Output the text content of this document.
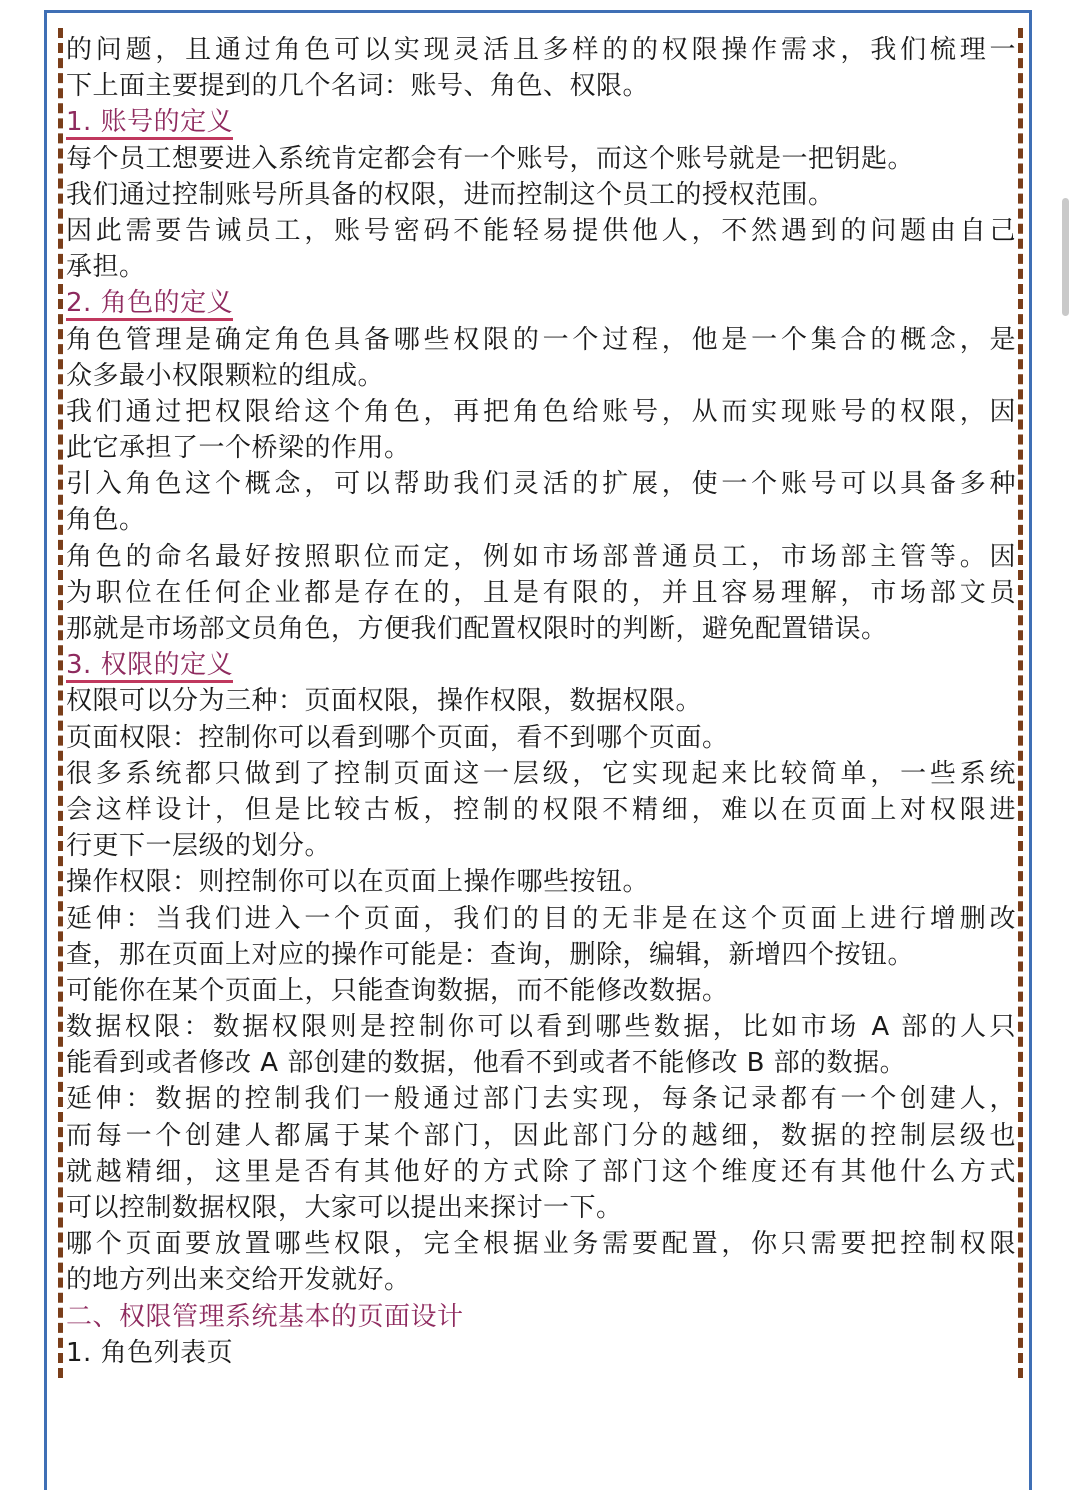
的问题，且通过角色可以实现灵活且多样的的权限操作需求，我们梳理一
下上面主要提到的几个名词：账号、角色、权限。
1. 账号的定义
每个员工想要进入系统肯定都会有一个账号，而这个账号就是一把钥匙。
我们通过控制账号所具备的权限，进而控制这个员工的授权范围。
因此需要告诫员工，账号密码不能轻易提供他人，不然遇到的问题由自己
承担。
2. 角色的定义
角色管理是确定角色具备哪些权限的一个过程，他是一个集合的概念，是
众多最小权限颗粒的组成。
我们通过把权限给这个角色，再把角色给账号，从而实现账号的权限，因
此它承担了一个桥梁的作用。
引入角色这个概念，可以帮助我们灵活的扩展，使一个账号可以具备多种
角色。
角色的命名最好按照职位而定，例如市场部普通员工，市场部主管等。因
为职位在任何企业都是存在的，且是有限的，并且容易理解，市场部文员
那就是市场部文员角色，方便我们配置权限时的判断，避免配置错误。
3. 权限的定义
权限可以分为三种：页面权限，操作权限，数据权限。
页面权限：控制你可以看到哪个页面，看不到哪个页面。
很多系统都只做到了控制页面这一层级，它实现起来比较简单，一些系统
会这样设计，但是比较古板，控制的权限不精细，难以在页面上对权限进
行更下一层级的划分。
操作权限：则控制你可以在页面上操作哪些按钮。
延伸：当我们进入一个页面，我们的目的无非是在这个页面上进行增删改
查，那在页面上对应的操作可能是：查询，删除，编辑，新增四个按钮。
可能你在某个页面上，只能查询数据，而不能修改数据。
数据权限：数据权限则是控制你可以看到哪些数据，比如市场 A 部的人只
能看到或者修改 A 部创建的数据，他看不到或者不能修改 B 部的数据。
延伸：数据的控制我们一般通过部门去实现，每条记录都有一个创建人，
而每一个创建人都属于某个部门，因此部门分的越细，数据的控制层级也
就越精细，这里是否有其他好的方式除了部门这个维度还有其他什么方式
可以控制数据权限，大家可以提出来探讨一下。
哪个页面要放置哪些权限，完全根据业务需要配置，你只需要把控制权限
的地方列出来交给开发就好。
二、权限管理系统基本的页面设计
1. 角色列表页
